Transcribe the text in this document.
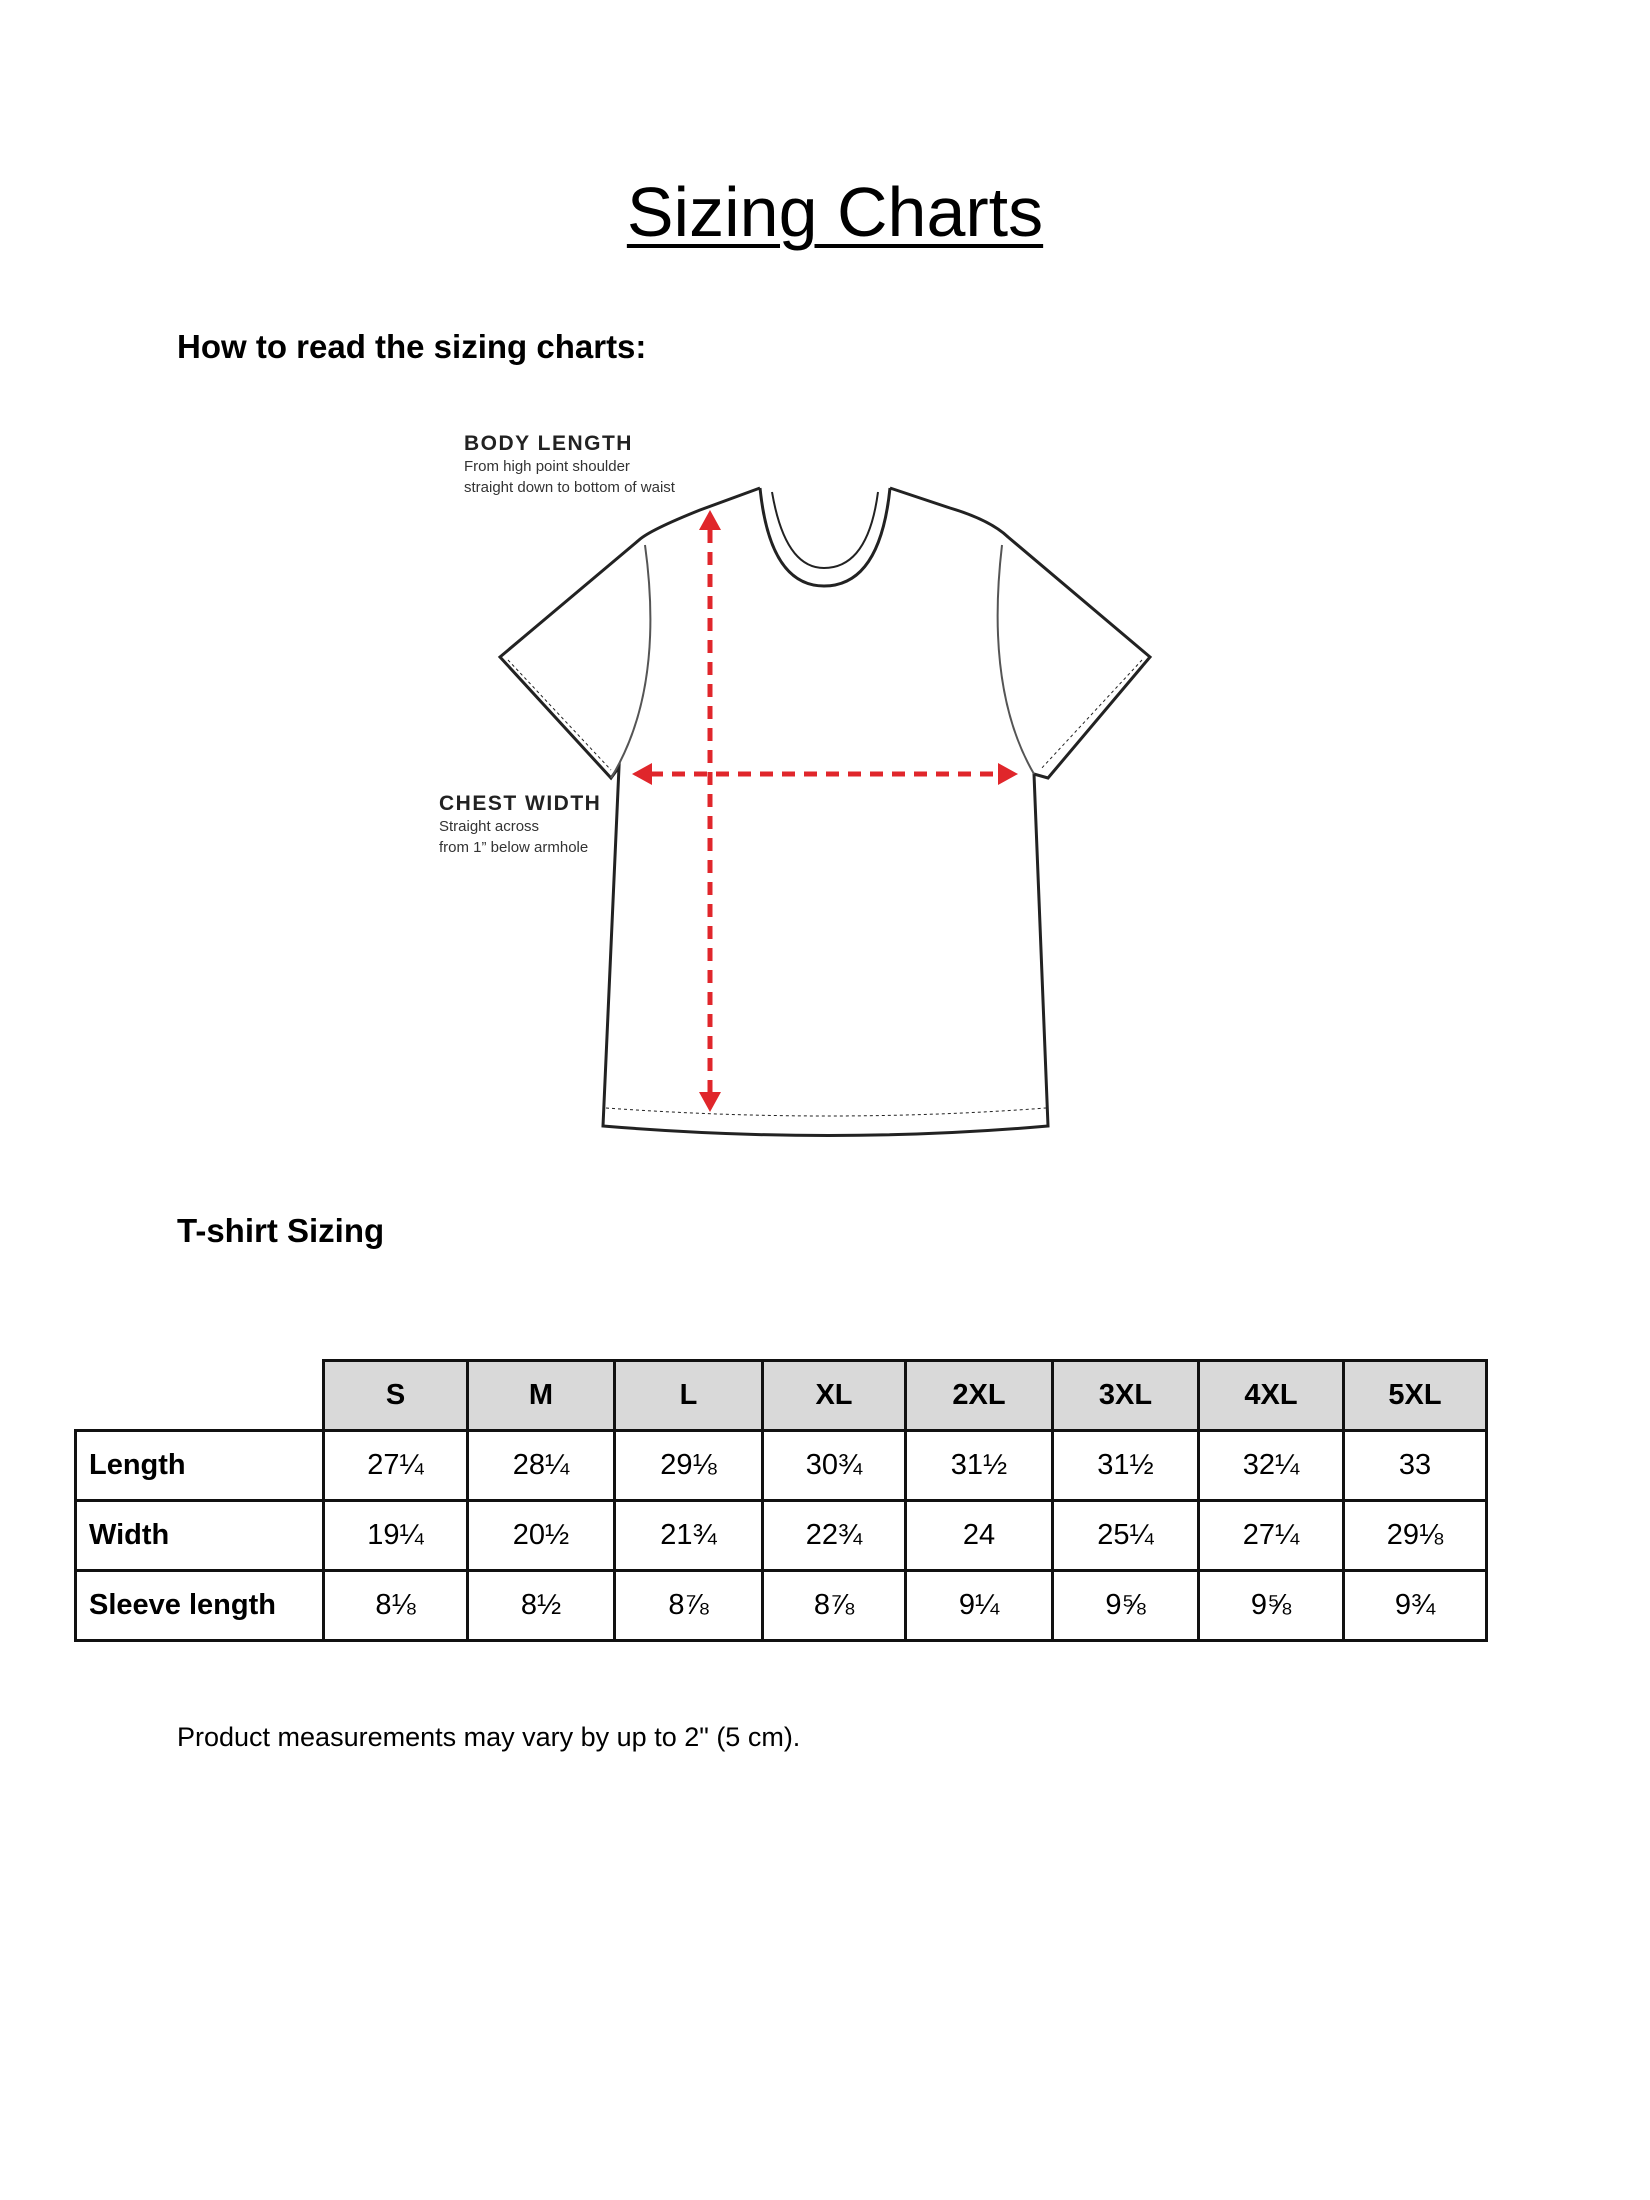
Sizing Charts
How to read the sizing charts:
BODY LENGTH
From high point shoulder
straight down to bottom of waist
CHEST WIDTH
Straight across
from 1” below armhole
T-shirt Sizing
	S	M	L	XL	2XL	3XL	4XL	5XL
Length	27¼	28¼	29⅛	30¾	31½	31½	32¼	33
Width	19¼	20½	21¾	22¾	24	25¼	27¼	29⅛
Sleeve length	8⅛	8½	8⅞	8⅞	9¼	9⅝	9⅝	9¾
Product measurements may vary by up to 2" (5 cm).
